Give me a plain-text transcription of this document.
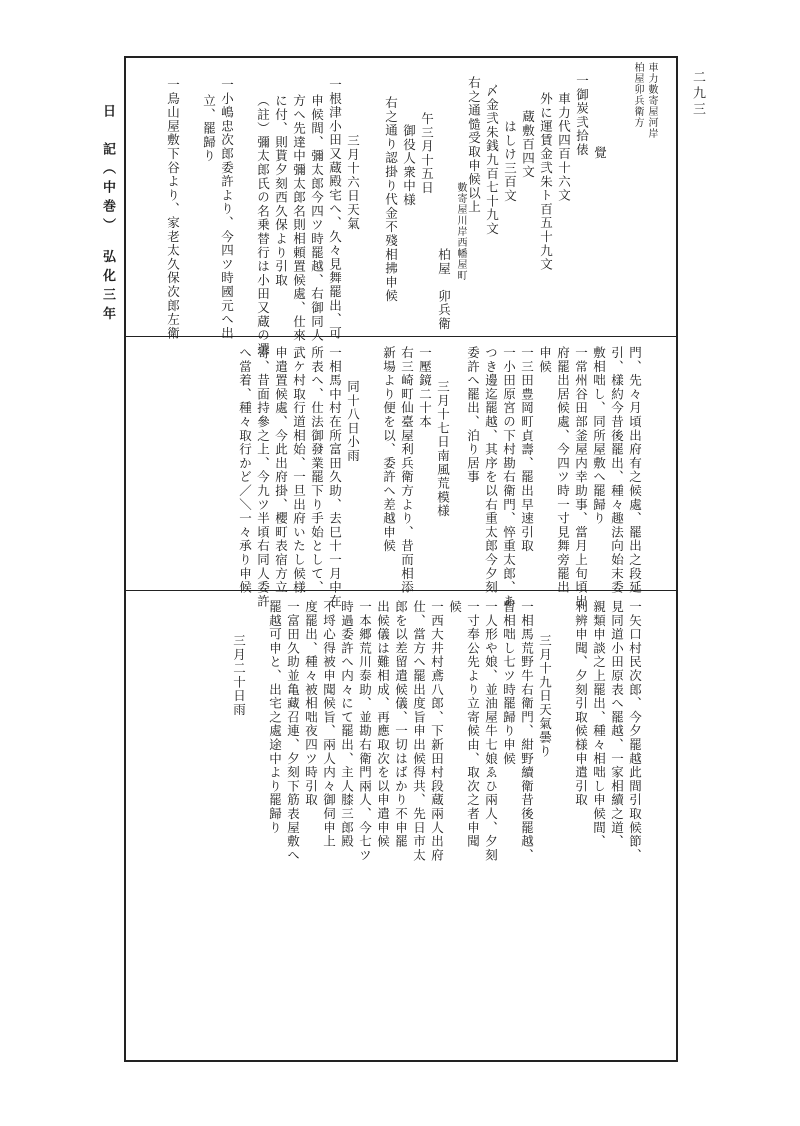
日　記（中巻）　弘化三年
二九三
車力數寄屋河岸
柏屋卯兵衛方
覺
一御炭弐拾俵
車力代四百十六文
外に運賃金弐朱ト百五十九文
蔵敷百四文
はしけ三百文
〆金弐朱銭九百七十九文
右之通慥受取申候以上
數寄屋川岸西幡屋町
柏屋　卯兵衛
午三月十五日
御役人衆中様
右之通り認掛り代金不殘相拂申候
三月十六日天氣
一根津小田又蔵殿宅へ、久々見舞罷出、可
申候間、彌太郎今四ツ時罷越、右御同人
方へ先達中彌太郎名則相頼置候處、仕來
に付、則貰夕刻西久保より引取
（註）彌太郎氏の名乗替行は小田又蔵の選
一小嶋忠次郎委許より、今四ツ時國元へ出
立、罷歸り
一鳥山屋敷下谷より、家老太久保次郎左衛
門、先々月頃出府有之候處、罷出之段延
引、樣約今昔後罷出、種々趣法向始末委
敷相咄し、同所屋敷へ罷歸り
一常州谷田部釜屋内幸助事、當月上旬頃出
府罷出居候處、今四ツ時一寸見舞旁罷出
申候
一三田豊岡町貞壽、罷出早速引取
一小田原宮の下村勘右衛門、悴重太郎、あ
つき邊迄罷越、其序を以右重太郎今夕刻
委許へ罷出、泊り居事
三月十七日南風荒模様
一壓鏡二十本
右三崎町仙臺屋利兵衛方より、昔而相添
新場より便を以、委許へ差越申候
同十八日小雨
一相馬中村在所富田久助、去巳十一月中在
所表へ、仕法御發業罷下り手始として、
武ケ村取行道相始、一旦出府いたし候様
申遣置候處、今此出府掛、櫻町表宿方立
寄、昔面持參之上、今九ツ半頃右同人委許
へ當着、種々取行かど／＼一々承り申候
一矢口村民次郎、今夕罷越此間引取候節、
見同道小田原表へ罷越、一家相續之道、
親類申談之上罷出、種々相咄し申候間、
利辨申聞、夕刻引取候様申遣引取
三月十九日天氣曇り
一相馬荒野牛右衛門、紺野續衛昔後罷越、
暫相咄し七ツ時罷歸り申候
一人形や娘、並油屋牛七娘ゑひ兩人、夕刻
一寸奉公先より立寄候由、取次之者申聞
候
一西大井村鳶八郎、下新田村段蔵兩人出府
仕、當方へ罷出度旨申出候得共、先日市太
郎を以差留遣候儀、一切はばかり不申罷
出候儀は難相成、再應取次を以申遣申候
一本郷荒川泰助、並勘右衛門兩人、今七ツ
時過委許へ内々にて罷出、主人膝三郎殿
不埒心得被申聞候旨、兩人内々御伺申上
度罷出、種々被相咄夜四ツ時引取
一富田久助並亀藏召連、夕刻下筋表屋敷へ
罷越可申と、出宅之處途中より罷歸り
三月二十日雨
